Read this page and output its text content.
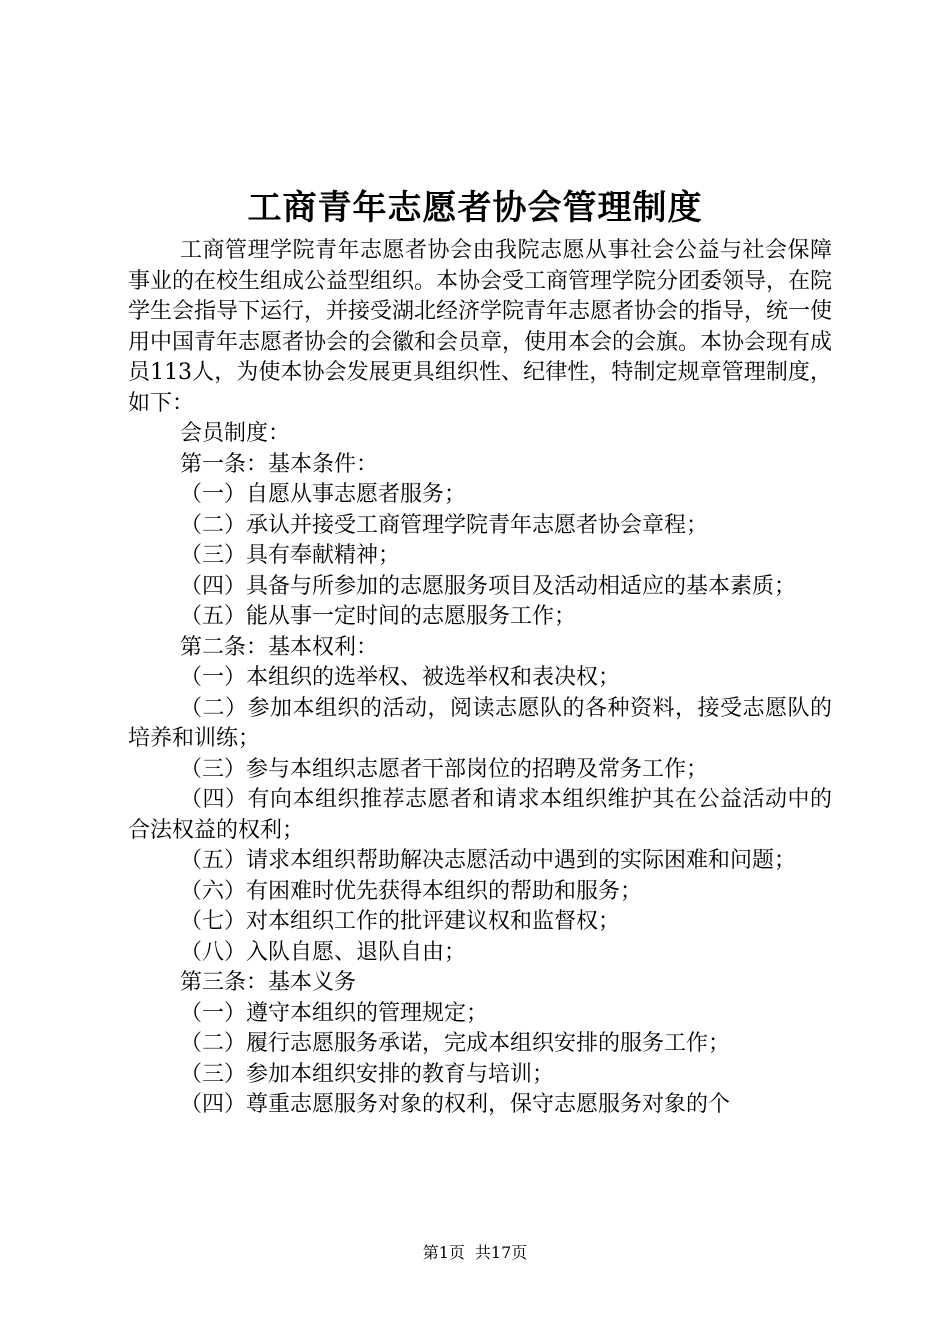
工商青年志愿者协会管理制度

工商管理学院青年志愿者协会由我院志愿从事社会公益与社会保障事业的在校生组成公益型组织。本协会受工商管理学院分团委领导，在院学生会指导下运行，并接受湖北经济学院青年志愿者协会的指导，统一使用中国青年志愿者协会的会徽和会员章，使用本会的会旗。本协会现有成员113人，为使本协会发展更具组织性、纪律性，特制定规章管理制度，如下：

会员制度：

第一条：基本条件：

（一）自愿从事志愿者服务；

（二）承认并接受工商管理学院青年志愿者协会章程；

（三）具有奉献精神；

（四）具备与所参加的志愿服务项目及活动相适应的基本素质；

（五）能从事一定时间的志愿服务工作；

第二条：基本权利：

（一）本组织的选举权、被选举权和表决权；

（二）参加本组织的活动，阅读志愿队的各种资料，接受志愿队的培养和训练；

（三）参与本组织志愿者干部岗位的招聘及常务工作；

（四）有向本组织推荐志愿者和请求本组织维护其在公益活动中的合法权益的权利；

（五）请求本组织帮助解决志愿活动中遇到的实际困难和问题；

（六）有困难时优先获得本组织的帮助和服务；

（七）对本组织工作的批评建议权和监督权；

（八）入队自愿、退队自由；

第三条：基本义务

（一）遵守本组织的管理规定；

（二）履行志愿服务承诺，完成本组织安排的服务工作；

（三）参加本组织安排的教育与培训；

（四）尊重志愿服务对象的权利，保守志愿服务对象的个

第1页 共17页
